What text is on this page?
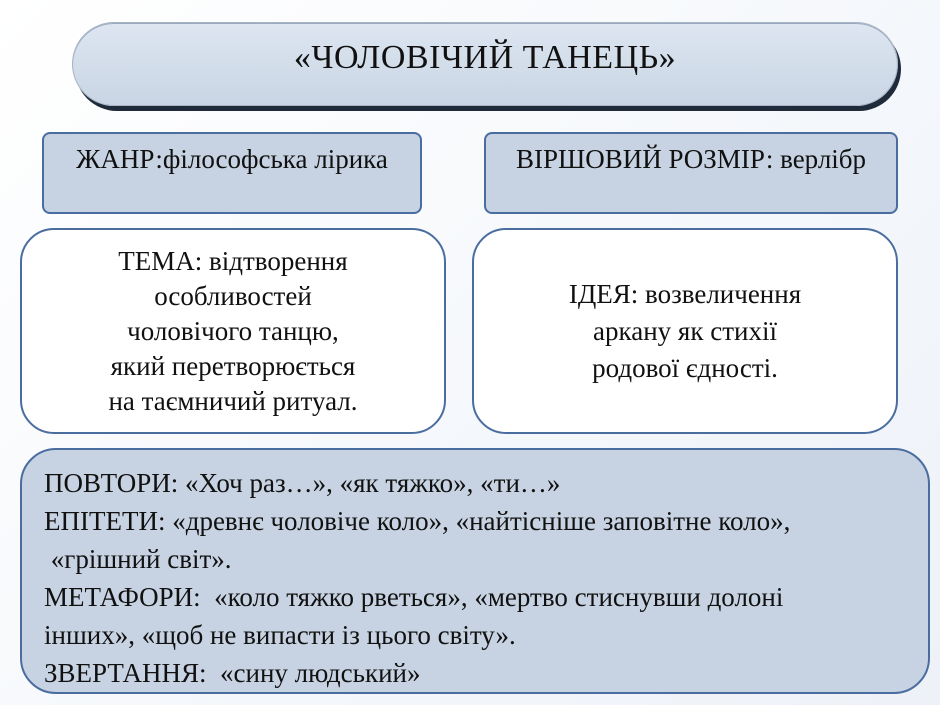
«ЧОЛОВІЧИЙ ТАНЕЦЬ»
ЖАНР:філософська лірика	ВІРШОВИЙ РОЗМІР: верлібр
ТЕМА: відтворення
особливостей
чоловічого танцю,
який перетворюється
на таємничий ритуал.
ІДЕЯ: возвеличення
аркану як стихії
родової єдності.
ПОВТОРИ: «Хоч раз…», «як тяжко», «ти…»
ЕПІТЕТИ: «древнє чоловіче коло», «найтісніше заповітне коло»,
«грішний світ».
МЕТАФОРИ:  «коло тяжко рветься», «мертво стиснувши долоні
інших», «щоб не випасти із цього світу».
ЗВЕРТАННЯ:  «сину людський»
